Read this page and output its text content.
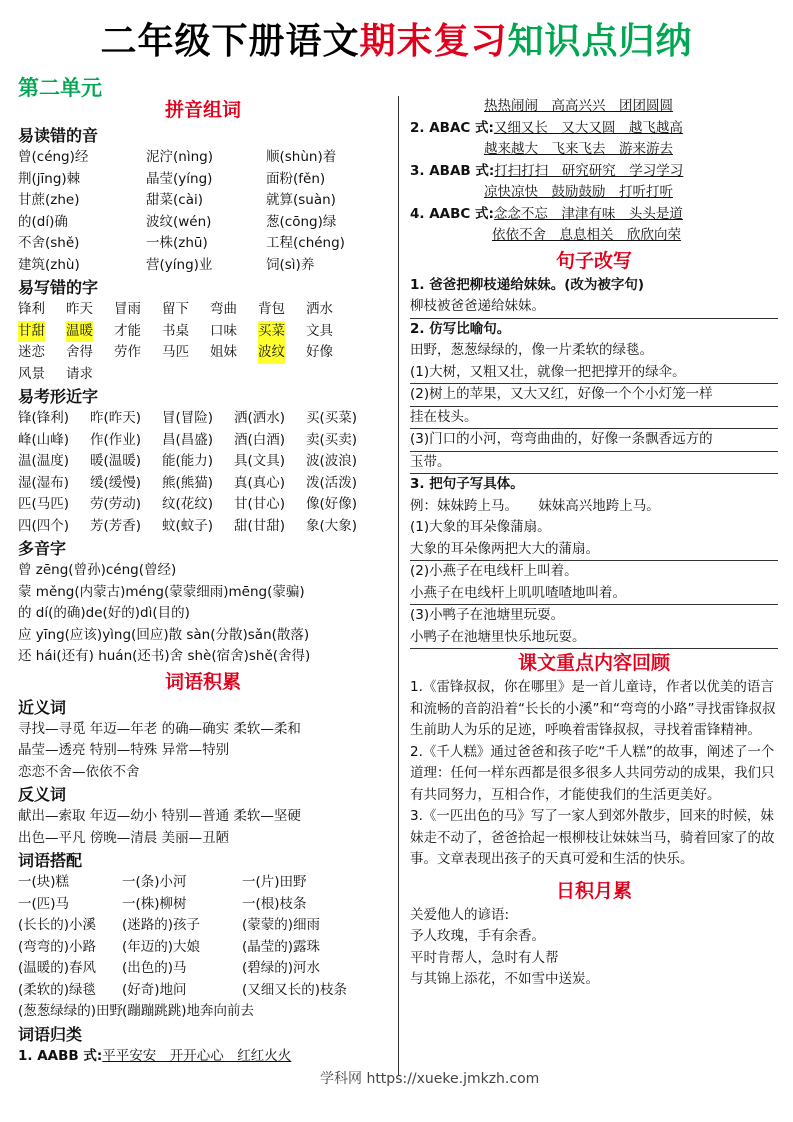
二年级下册语文期末复习知识点归纳
第二单元
拼音组词
易读错的音
曾(céng)经	泥泞(nìng)	顺(shùn)着
荆(jīng)棘	晶莹(yíng)	面粉(fěn)
甘蔗(zhe)	甜菜(cài)	就算(suàn)
的(dí)确	波纹(wén)	葱(cōng)绿
不舍(shě)	一株(zhū)	工程(chéng)
建筑(zhù)	营(yíng)业	饲(sì)养
易写错的字
锋利 昨天 冒雨 留下 弯曲 背包 洒水
甘甜 温暖 才能 书桌 口味 买菜 文具
迷恋 舍得 劳作 马匹 姐妹 波纹 好像
风景 请求
易考形近字
锋(锋利) 昨(昨天) 冒(冒险) 洒(洒水) 买(买菜)
峰(山峰) 作(作业) 昌(昌盛) 酒(白酒) 卖(买卖)
温(温度) 暖(温暖) 能(能力) 具(文具) 波(波浪)
湿(湿布) 缓(缓慢) 熊(熊猫) 真(真心) 泼(活泼)
匹(马匹) 劳(劳动) 纹(花纹) 甘(甘心) 像(好像)
四(四个) 芳(芳香) 蚊(蚊子) 甜(甘甜) 象(大象)
多音字
曾 zēng(曾孙)céng(曾经)
蒙 měng(内蒙古)méng(蒙蒙细雨)mēng(蒙骗)
的 dí(的确)de(好的)dì(目的)
应 yīng(应该)yìng(回应)散 sàn(分散)sǎn(散落)
还 hái(还有) huán(还书)舍 shè(宿舍)shě(舍得)
词语积累
近义词
寻找—寻觅 年迈—年老 的确—确实 柔软—柔和
晶莹—透亮 特别—特殊 异常—特别
恋恋不舍—依依不舍
反义词
献出—索取 年迈—幼小 特别—普通 柔软—坚硬
出色—平凡 傍晚—清晨 美丽—丑陋
词语搭配
一(块)糕	一(条)小河	一(片)田野
一(匹)马	一(株)柳树	一(根)枝条
(长长的)小溪 (迷路的)孩子	(蒙蒙的)细雨
(弯弯的)小路 (年迈的)大娘	(晶莹的)露珠
(温暖的)春风 (出色的)马	(碧绿的)河水
(柔软的)绿毯 (好奇)地问	(又细又长的)枝条
(葱葱绿绿的)田野
(蹦蹦跳跳)地奔向前去
词语归类
1. AABB 式:平平安安　开开心心　红红火火
热热闹闹　高高兴兴　团团圆圆
2. ABAC 式:又细又长　又大又圆　越飞越高
越来越大　飞来飞去　游来游去
3. ABAB 式:打扫打扫　研究研究　学习学习
凉快凉快　鼓励鼓励　打听打听
4. AABC 式:念念不忘　津津有味　头头是道
依依不舍　息息相关　欣欣向荣
句子改写
1. 爸爸把柳枝递给妹妹。(改为被字句)
柳枝被爸爸递给妹妹。
2. 仿写比喻句。
田野，葱葱绿绿的，像一片柔软的绿毯。
(1)大树，又粗又壮，就像一把把撑开的绿伞。
(2)树上的苹果，又大又红，好像一个个小灯笼一样
挂在枝头。
(3)门口的小河，弯弯曲曲的，好像一条飘香远方的
玉带。
3. 把句子写具体。
例：妹妹跨上马。　　妹妹高兴地跨上马。
(1)大象的耳朵像蒲扇。
大象的耳朵像两把大大的蒲扇。
(2)小燕子在电线杆上叫着。
小燕子在电线杆上叽叽喳喳地叫着。
(3)小鸭子在池塘里玩耍。
小鸭子在池塘里快乐地玩耍。
课文重点内容回顾
1.《雷锋叔叔，你在哪里》是一首儿童诗，作者以优美的语言和流畅的音韵沿着“长长的小溪”和“弯弯的小路”寻找雷锋叔叔生前助人为乐的足迹，呼唤着雷锋叔叔，寻找着雷锋精神。
2.《千人糕》通过爸爸和孩子吃“千人糕”的故事，阐述了一个道理：任何一样东西都是很多很多人共同劳动的成果，我们只有共同努力，互相合作，才能使我们的生活更美好。
3.《一匹出色的马》写了一家人到郊外散步，回来的时候，妹妹走不动了，爸爸拾起一根柳枝让妹妹当马，骑着回家了的故事。文章表现出孩子的天真可爱和生活的快乐。
日积月累
关爱他人的谚语:
予人玫瑰，手有余香。
平时肯帮人，急时有人帮
与其锦上添花，不如雪中送炭。
学科网 https://xueke.jmkzh.com
